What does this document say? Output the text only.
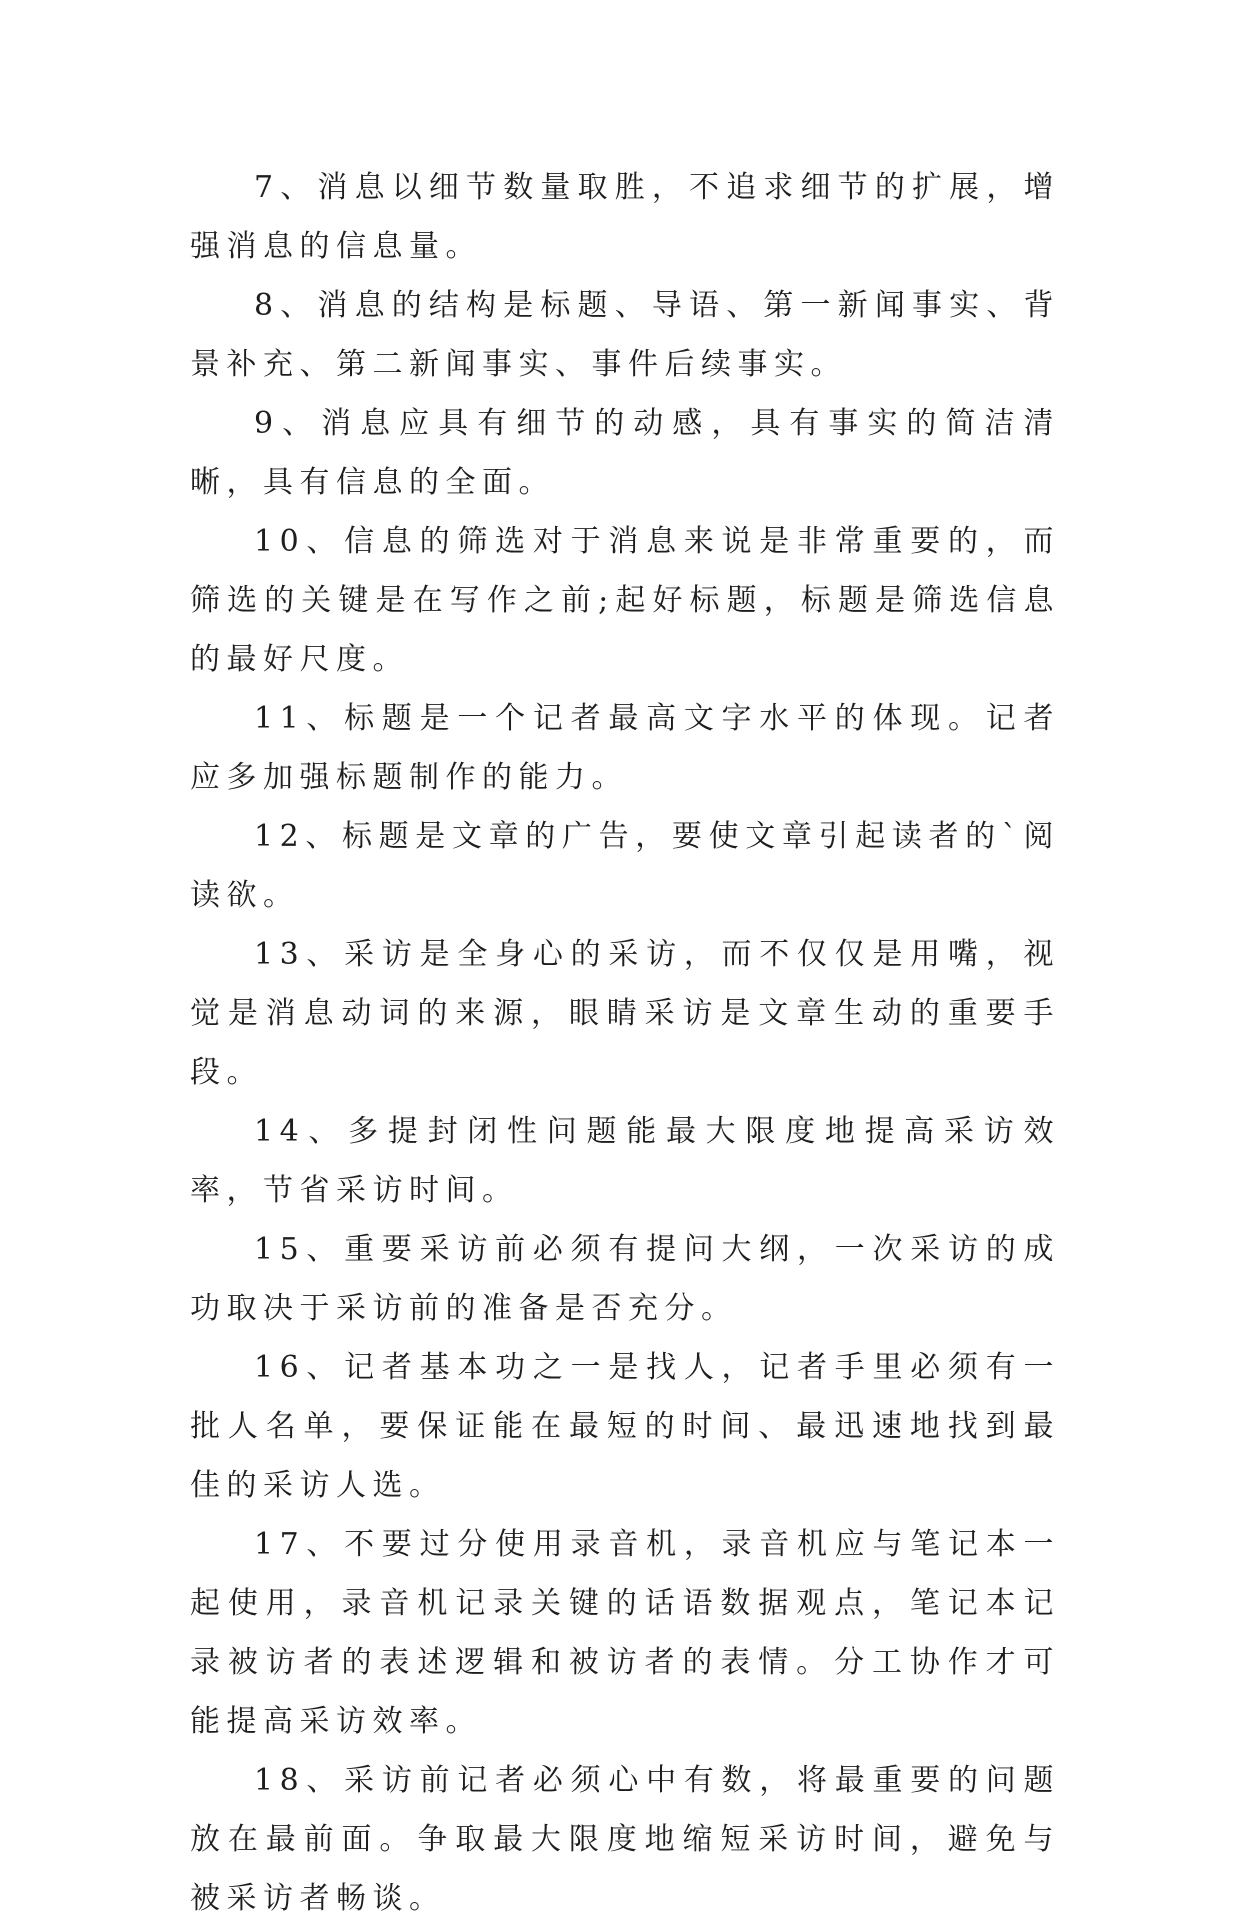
7、消息以细节数量取胜，不追求细节的扩展，增强消息的信息量。

8、消息的结构是标题、导语、第一新闻事实、背景补充、第二新闻事实、事件后续事实。

9、消息应具有细节的动感，具有事实的简洁清晰，具有信息的全面。

10、信息的筛选对于消息来说是非常重要的，而筛选的关键是在写作之前;起好标题，标题是筛选信息的最好尺度。

11、标题是一个记者最高文字水平的体现。记者应多加强标题制作的能力。

12、标题是文章的广告，要使文章引起读者的`阅读欲。

13、采访是全身心的采访，而不仅仅是用嘴，视觉是消息动词的来源，眼睛采访是文章生动的重要手段。

14、多提封闭性问题能最大限度地提高采访效率，节省采访时间。

15、重要采访前必须有提问大纲，一次采访的成功取决于采访前的准备是否充分。

16、记者基本功之一是找人，记者手里必须有一批人名单，要保证能在最短的时间、最迅速地找到最佳的采访人选。

17、不要过分使用录音机，录音机应与笔记本一起使用，录音机记录关键的话语数据观点，笔记本记录被访者的表述逻辑和被访者的表情。分工协作才可能提高采访效率。

18、采访前记者必须心中有数，将最重要的问题放在最前面。争取最大限度地缩短采访时间，避免与被采访者畅谈。
